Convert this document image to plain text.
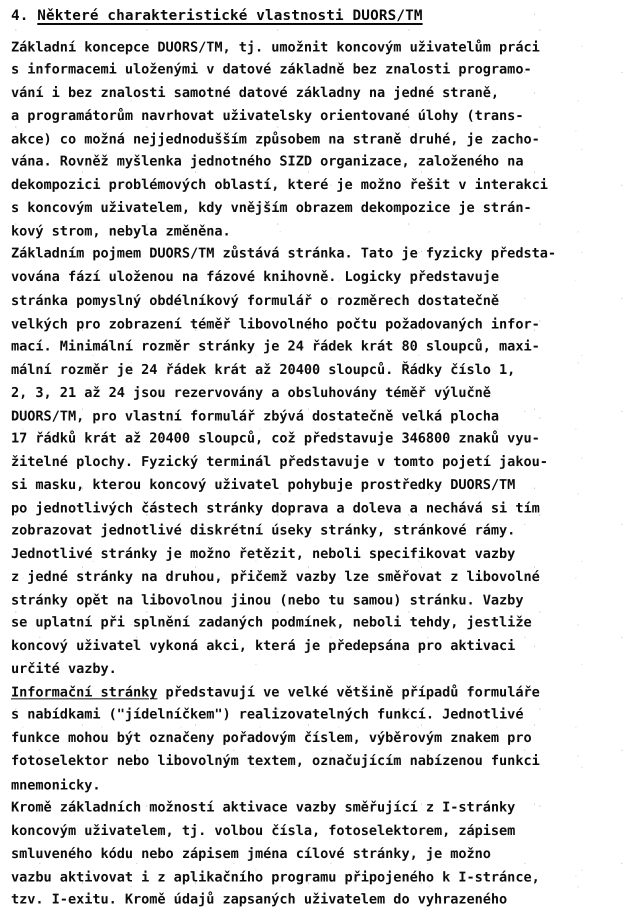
4. Některé charakteristické vlastnosti DUORS/TM
Základní koncepce DUORS/TM, tj. umožnit koncovým uživatelům práci
s informacemi uloženými v datové základně bez znalosti programo-
vání i bez znalosti samotné datové základny na jedné straně,
a programátorům navrhovat uživatelsky orientované úlohy (trans-
akce) co možná nejjednodušším způsobem na straně druhé, je zacho-
vána. Rovněž myšlenka jednotného SIZD organizace, založeného na
dekompozici problémových oblastí, které je možno řešit v interakci
s koncovým uživatelem, kdy vnějším obrazem dekompozice je strán-
kový strom, nebyla změněna.
Základním pojmem DUORS/TM zůstává stránka. Tato je fyzicky předsta-
vována fází uloženou na fázové knihovně. Logicky představuje
stránka pomyslný obdélníkový formulář o rozměrech dostatečně
velkých pro zobrazení téměř libovolného počtu požadovaných infor-
mací. Minimální rozměr stránky je 24 řádek krát 80 sloupců, maxi-
mální rozměr je 24 řádek krát až 20400 sloupců. Řádky číslo 1,
2, 3, 21 až 24 jsou rezervovány a obsluhovány téměř výlučně
DUORS/TM, pro vlastní formulář zbývá dostatečně velká plocha
17 řádků krát až 20400 sloupců, což představuje 346800 znaků vyu-
žitelné plochy. Fyzický terminál představuje v tomto pojetí jakou-
si masku, kterou koncový uživatel pohybuje prostředky DUORS/TM
po jednotlivých částech stránky doprava a doleva a nechává si tím
zobrazovat jednotlivé diskrétní úseky stránky, stránkové rámy.
Jednotlivé stránky je možno řetězit, neboli specifikovat vazby
z jedné stránky na druhou, přičemž vazby lze směřovat z libovolné
stránky opět na libovolnou jinou (nebo tu samou) stránku. Vazby
se uplatní při splnění zadaných podmínek, neboli tehdy, jestliže
koncový uživatel vykoná akci, která je předepsána pro aktivaci
určité vazby.
Informační stránky představují ve velké většině případů formuláře
s nabídkami ("jídelníčkem") realizovatelných funkcí. Jednotlivé
funkce mohou být označeny pořadovým číslem, výběrovým znakem pro
fotoselektor nebo libovolným textem, označujícím nabízenou funkci
mnemonicky.
Kromě základních možností aktivace vazby směřující z I-stránky
koncovým uživatelem, tj. volbou čísla, fotoselektorem, zápisem
smluveného kódu nebo zápisem jména cílové stránky, je možno
vazbu aktivovat i z aplikačního programu připojeného k I-stránce,
tzv. I-exitu. Kromě údajů zapsaných uživatelem do vyhrazeného
